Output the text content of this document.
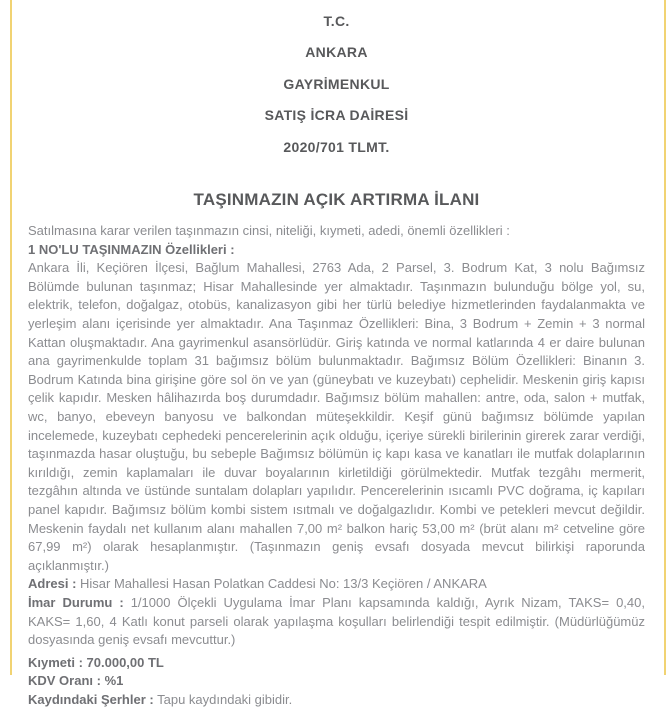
T.C.
ANKARA
GAYRİMENKUL
SATIŞ İCRA DAİRESİ
2020/701 TLMT.
TAŞINMAZIN AÇIK ARTIRMA İLANI

Satılmasına karar verilen taşınmazın cinsi, niteliği, kıymeti, adedi, önemli özellikleri :

1 NO'LU TAŞINMAZIN Özellikleri :

Ankara İli, Keçiören İlçesi, Bağlum Mahallesi, 2763 Ada, 2 Parsel, 3. Bodrum Kat, 3 nolu Bağımsız Bölümde bulunan taşınmaz; Hisar Mahallesinde yer almaktadır. Taşınmazın bulunduğu bölge yol, su, elektrik, telefon, doğalgaz, otobüs, kanalizasyon gibi her türlü belediye hizmetlerinden faydalanmakta ve yerleşim alanı içerisinde yer almaktadır. Ana Taşınmaz Özellikleri: Bina, 3 Bodrum + Zemin + 3 normal Kattan oluşmaktadır. Ana gayrimenkul asansörlüdür. Giriş katında ve normal katlarında 4 er daire bulunan ana gayrimenkulde toplam 31 bağımsız bölüm bulunmaktadır. Bağımsız Bölüm Özellikleri: Binanın 3. Bodrum Katında bina girişine göre sol ön ve yan (güneybatı ve kuzeybatı) cephelidir. Meskenin giriş kapısı çelik kapıdır. Mesken hâlihazırda boş durumdadır. Bağımsız bölüm mahallen: antre, oda, salon + mutfak, wc, banyo, ebeveyn banyosu ve balkondan müteşekkildir. Keşif günü bağımsız bölümde yapılan incelemede, kuzeybatı cephedeki pencerelerinin açık olduğu, içeriye sürekli birilerinin girerek zarar verdiği, taşınmazda hasar oluştuğu, bu sebeple Bağımsız bölümün iç kapı kasa ve kanatları ile mutfak dolaplarının kırıldığı, zemin kaplamaları ile duvar boyalarının kirletildiği görülmektedir. Mutfak tezgâhı mermerit, tezgâhın altında ve üstünde suntalam dolapları yapılıdır. Pencerelerinin ısıcamlı PVC doğrama, iç kapıları panel kapıdır. Bağımsız bölüm kombi sistem ısıtmalı ve doğalgazlıdır. Kombi ve petekleri mevcut değildir. Meskenin faydalı net kullanım alanı mahallen 7,00 m² balkon hariç 53,00 m² (brüt alanı m² cetveline göre 67,99 m²) olarak hesaplanmıştır. (Taşınmazın geniş evsafı dosyada mevcut bilirkişi raporunda açıklanmıştır.)

Adresi : Hisar Mahallesi Hasan Polatkan Caddesi No: 13/3 Keçiören / ANKARA

İmar Durumu : 1/1000 Ölçekli Uygulama İmar Planı kapsamında kaldığı, Ayrık Nizam, TAKS= 0,40, KAKS= 1,60, 4 Katlı konut parseli olarak yapılaşma koşulları belirlendiği tespit edilmiştir. (Müdürlüğümüz dosyasında geniş evsafı mevcuttur.)

Kıymeti : 70.000,00 TL

KDV Oranı : %1

Kaydındaki Şerhler : Tapu kaydındaki gibidir.
